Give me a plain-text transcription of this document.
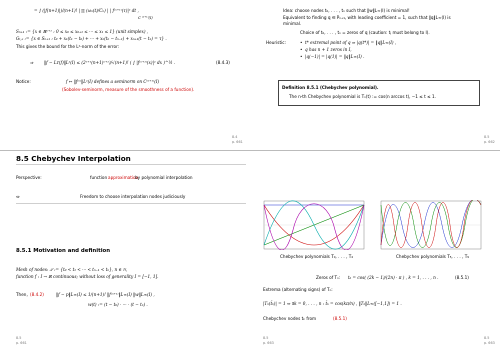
= ∫ (|f(n+1)|)/(n+1)! | ∏ (ωₙ(t)/Cₙ) | | f⁽ⁿ⁺¹⁾(τ)|² dt ,
C ⁽ⁿ⁺¹⁾(I)
Sₙ₊₁ := {x ∈ ℝⁿ⁺¹ : 0 ≤ x₀ ≤ x₀₊₁ ≤ ··· ≤ x₁ ≤ 1} (unit simplex) ,
Gₜ,ₓ := {x ∈ Sₙ₊₁ : t₀ + x₁(t₁ − t₀) + ··· + xₙ(tₙ − tₙ₋₁) + xₙ₊₁(t − tₙ) = τ} .
This gives the bound for the L²-norm of the error:
⇒ ‖f − Lᴛ(f)‖L²(I) ≤ (2ⁿ⁺¹(n+1)ⁿ⁺¹)/√(n+1)! ( ∫ |f⁽ⁿ⁺¹⁾(x)|² dx )^½ .	(8.4.3)
Notice:	f ↦ ‖f⁽ⁿ⁾‖L²(I) defines a seminorm on C⁽ⁿ⁺¹⁾(I)
(Sobolev-seminorm, measure of the smoothness of a function).
8.4
p. 661
Idea: choose nodes t₀, . . . , tₙ such that ‖w‖L∞(I) is minimal!
Equivalent to finding q ∈ Pₙ₊₁, with leading coefficient = 1, such that ‖q‖L∞(I) is
minimal.
Choice of t₀, . . . , tₙ = zeros of q (caution: tⱼ must belong to I).
Heuristic:	• t* extremal point of q ⇒ |q(t*)| = ‖q‖L∞(I) ,
• q has n + 1 zeros in I,
• |q(−1)| = |q(1)| = ‖q‖L∞(I) .
Definition 8.5.1 (Chebychev polynomial).
The n-th Chebychev polynomial is Tₙ(t) := cos(n arccos t), −1 ≤ t ≤ 1.
8.5
p. 662
8.5 Chebychev Interpolation
Perspective:	function approximation
by polynomial interpolation
⇔	Freedom to choose interpolation nodes judiciously
8.5.1 Motivation and definition
Mesh of nodes: 𝒯 := {t₀ < t₁ < ··· < tₙ₋₁ < tₙ}, n ∈ ℕ,
function f : I → ℝ continuous; without loss of generality I = [−1, 1].
Then, (8.4.2)	‖f − p‖L∞(I) ≤ 1/(n+1)! ‖f⁽ⁿ⁺¹⁾‖L∞(I) ‖w‖L∞(I) ,
w(t) := (t − t₀) · ··· · (t − tₙ) .
8.5
p. 661
Chebychev polynomials T₀, . . . , T₄	Chebychev polynomials T₅, . . . , T₉
Zeros of Tₙ: tₖ = cos( (2k − 1)/(2n) · π ) , k = 1, . . . , n .	(8.5.1)
Extrema (alternating signs) of Tₙ:
|Tₙ(t̄ₖ)| = 1 ⇔ ∃k = 0, . . . , n : t̄ₖ = cos(kπ/n) , ‖Tₙ‖L∞([−1,1]) = 1 .
Chebychev nodes tₖ from	(8.5.1)
8.5
p. 663
8.5
p. 663
